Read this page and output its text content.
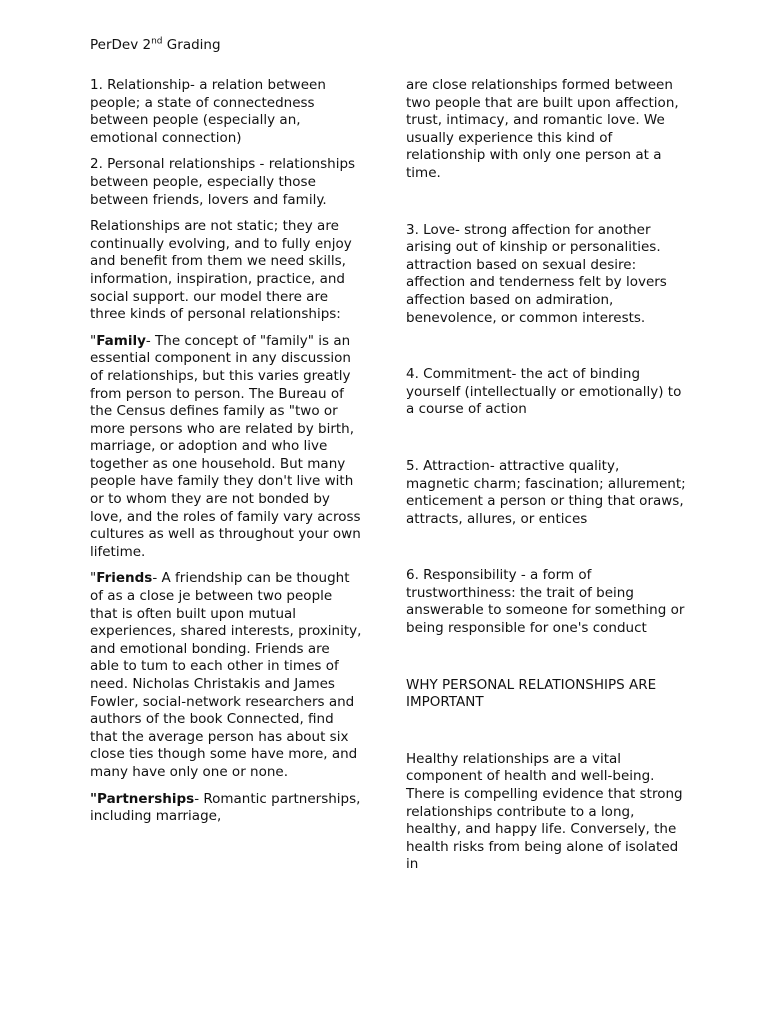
PerDev 2nd Grading

1. Relationship- a relation between people; a state of connectedness between people (especially an, emotional connection)

2. Personal relationships - relationships between people, especially those between friends, lovers and family.

Relationships are not static; they are continually evolving, and to fully enjoy and benefit from them we need skills, information, inspiration, practice, and social support. our model there are three kinds of personal relationships:

"Family- The concept of "family" is an essential component in any discussion of relationships, but this varies greatly from person to person. The Bureau of the Census defines family as "two or more persons who are related by birth, marriage, or adoption and who live together as one household. But many people have family they don't live with or to whom they are not bonded by love, and the roles of family vary across cultures as well as throughout your own lifetime.

"Friends- A friendship can be thought of as a close je between two people that is often built upon mutual experiences, shared interests, proxinity, and emotional bonding. Friends are able to tum to each other in times of need. Nicholas Christakis and James Fowler, social-network researchers and authors of the book Connected, find that the average person has about six close ties though some have more, and many have only one or none.

"Partnerships- Romantic partnerships, including marriage,

are close relationships formed between two people that are built upon affection, trust, intimacy, and romantic love. We usually experience this kind of relationship with only one person at a time.

3. Love- strong affection for another arising out of kinship or personalities. attraction based on sexual desire: affection and tenderness felt by lovers affection based on admiration, benevolence, or common interests.

4. Commitment- the act of binding yourself (intellectually or emotionally) to a course of action

5. Attraction- attractive quality, magnetic charm; fascination; allurement; enticement a person or thing that oraws, attracts, allures, or entices

6. Responsibility - a form of trustworthiness: the trait of being answerable to someone for something or being responsible for one's conduct

WHY PERSONAL RELATIONSHIPS ARE IMPORTANT

Healthy relationships are a vital component of health and well-being. There is compelling evidence that strong relationships contribute to a long, healthy, and happy life. Conversely, the health risks from being alone of isolated in
